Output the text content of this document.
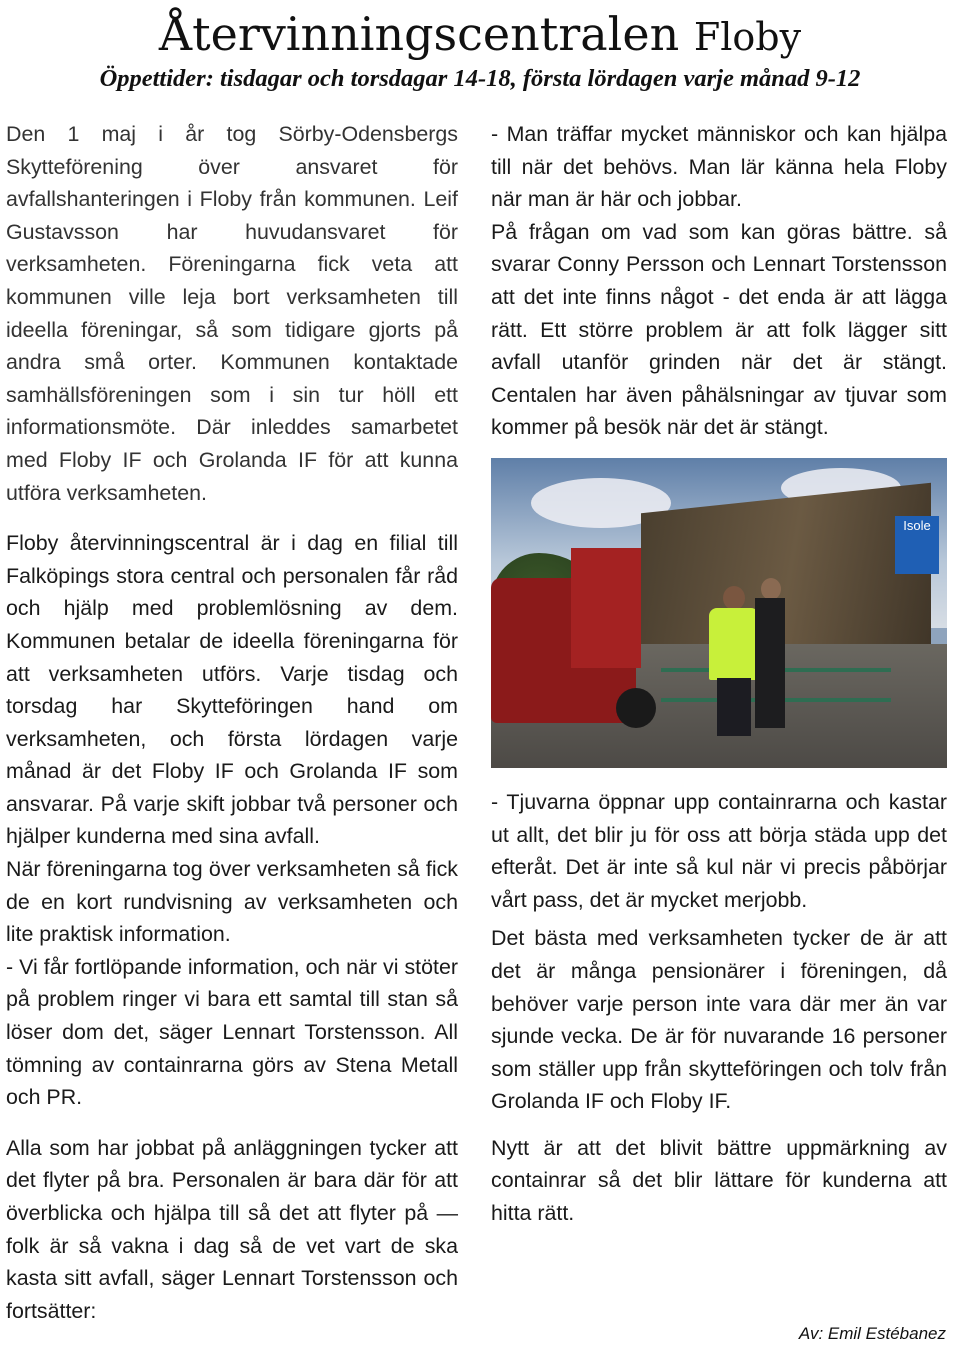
Återvinningscentralen Floby
Öppettider: tisdagar och torsdagar 14-18, första lördagen varje månad 9-12

Den 1 maj i år tog Sörby-Odensbergs Skytteförening över ansvaret för avfallshanteringen i Floby från kommunen. Leif Gustavsson har huvudansvaret för verksamheten. Föreningarna fick veta att kommunen ville leja bort verksamheten till ideella föreningar, så som tidigare gjorts på andra små orter. Kommunen kontaktade samhällsföreningen som i sin tur höll ett informationsmöte. Där inleddes samarbetet med Floby IF och Grolanda IF för att kunna utföra verksamheten.

Floby återvinningscentral är i dag en filial till Falköpings stora central och personalen får råd och hjälp med problemlösning av dem. Kommunen betalar de ideella föreningarna för att verksamheten utförs. Varje tisdag och torsdag har Skytteföringen hand om verksamheten, och första lördagen varje månad är det Floby IF och Grolanda IF som ansvarar. På varje skift jobbar två personer och hjälper kunderna med sina avfall.

När föreningarna tog över verksamheten så fick de en kort rundvisning av verksamheten och lite praktisk information.

- Vi får fortlöpande information, och när vi stöter på problem ringer vi bara ett samtal till stan så löser dom det, säger Lennart Torstensson. All tömning av containrarna görs av Stena Metall och PR.

Alla som har jobbat på anläggningen tycker att det flyter på bra. Personalen är bara där för att överblicka och hjälpa till så det att flyter på — folk är så vakna i dag så de vet vart de ska kasta sitt avfall, säger Lennart Torstensson och fortsätter:

- Man träffar mycket människor och kan hjälpa till när det behövs. Man lär känna hela Floby när man är här och jobbar.

På frågan om vad som kan göras bättre. så svarar Conny Persson och Lennart Torstensson att det inte finns något - det enda är att lägga rätt. Ett större problem är att folk lägger sitt avfall utanför grinden när det är stängt. Centalen har även påhälsningar av tjuvar som kommer på besök när det är stängt.

Isole

- Tjuvarna öppnar upp containrarna och kastar ut allt, det blir ju för oss att börja städa upp det efteråt. Det är inte så kul när vi precis påbörjar vårt pass, det är mycket merjobb.

Det bästa med verksamheten tycker de är att det är många pensionärer i föreningen, då behöver varje person inte vara där mer än var sjunde vecka. De är för nuvarande 16 personer som ställer upp från skytteföringen och tolv från Grolanda IF och Floby IF.

Nytt är att det blivit bättre uppmärkning av containrar så det blir lättare för kunderna att hitta rätt.

Av: Emil Estébanez
